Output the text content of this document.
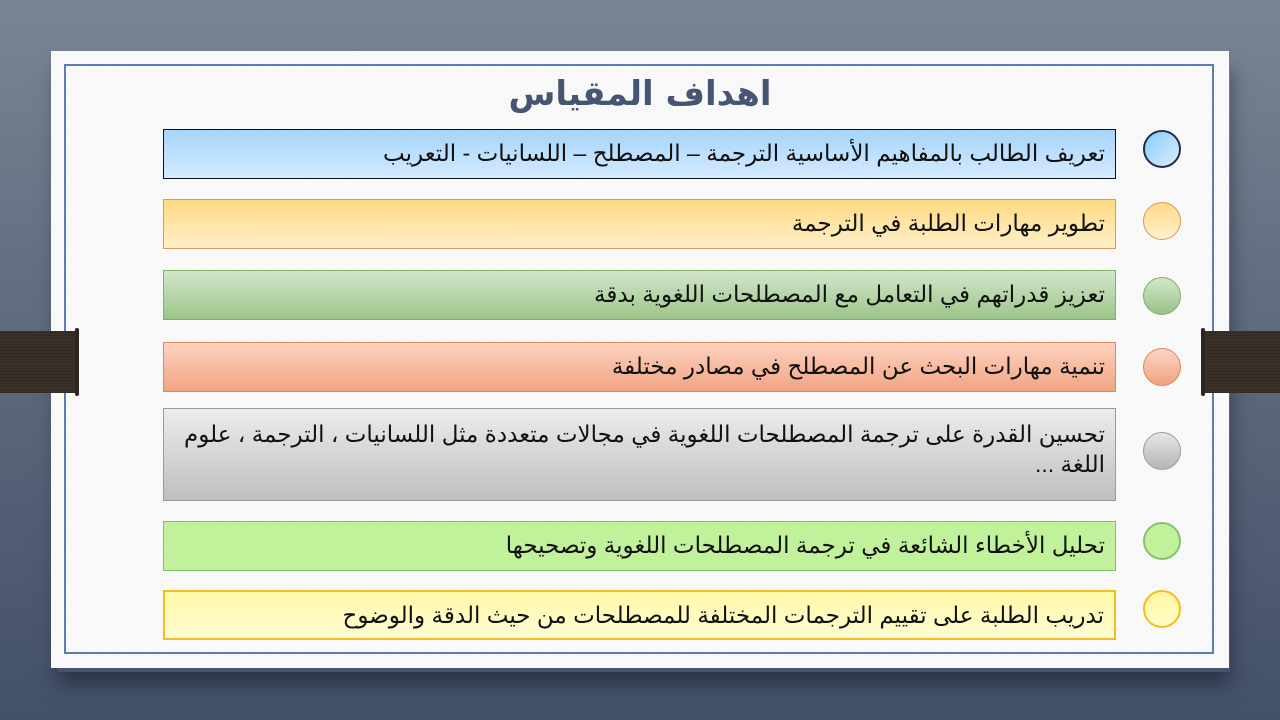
اهداف المقياس
تعريف الطالب بالمفاهيم الأساسية الترجمة – المصطلح – اللسانيات - التعريب
تطوير مهارات الطلبة في الترجمة
تعزيز قدراتهم في التعامل مع المصطلحات اللغوية بدقة
تنمية مهارات البحث عن المصطلح في مصادر مختلفة
تحسين القدرة على ترجمة المصطلحات اللغوية في مجالات متعددة مثل اللسانيات ، الترجمة ، علوم اللغة ...
تحليل الأخطاء الشائعة في ترجمة المصطلحات اللغوية وتصحيحها
تدريب الطلبة على تقييم الترجمات المختلفة للمصطلحات من حيث الدقة والوضوح
